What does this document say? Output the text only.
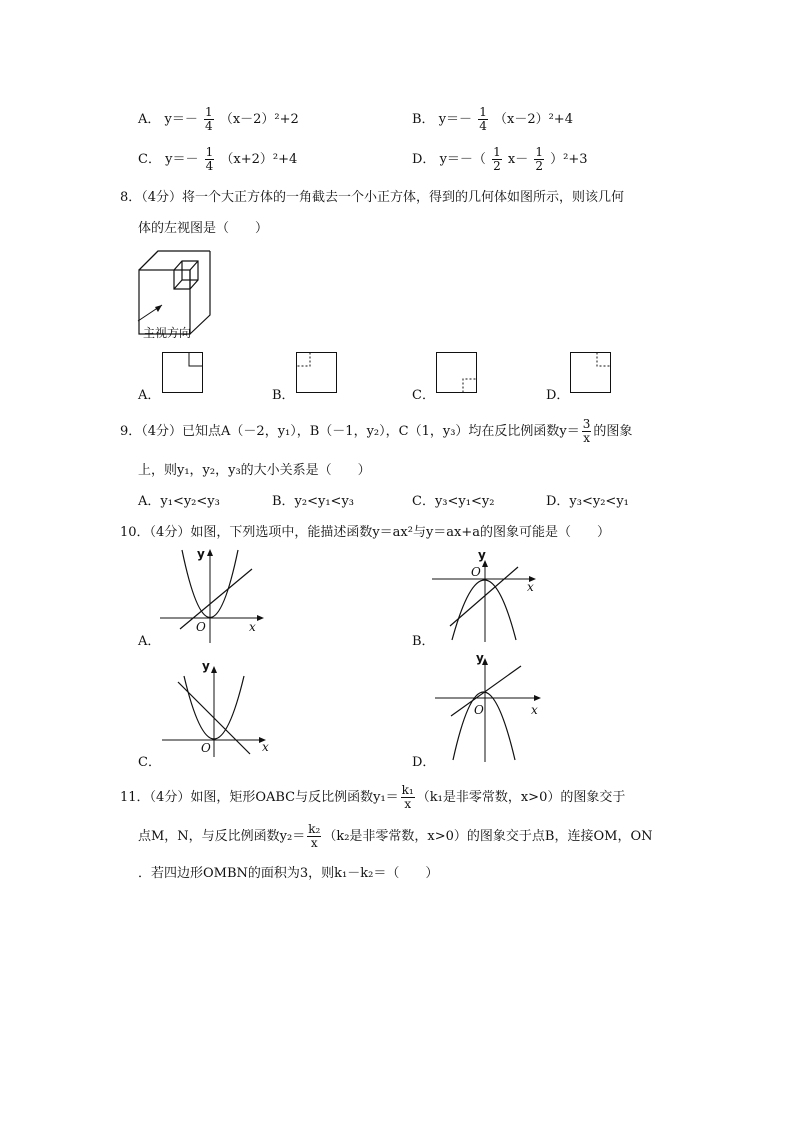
A． $y=- \frac{1}{4} (x-2)^2+2$	B． $y=- \frac{1}{4} (x-2)^2+4$
C． $y=- \frac{1}{4} (x+2)^2+4$	D． $y=-( \frac{1}{2} x- \frac{1}{2} )^2+3$
8．（4分）将一个大正方体的一角截去一个小正方体，得到的几何体如图所示，则该几何
体的左视图是（　　）
主视方向
A．	B．	C．	D．
9．（4分）已知点A（－2，y₁），B（－1，y₂），C（1，y₃）均在反比例函数$y= \frac{3}{x}$ 的图象
上，则y₁，y₂，y₃的大小关系是（　　）
A．y₁<y₂<y₃	B．y₂<y₁<y₃	C．y₃<y₁<y₂	D．y₃<y₂<y₁
10．（4分）如图，下列选项中，能描述函数y＝ax²与y＝ax+a的图象可能是（　　）
y
x
O
A．
y
x
O
B．
y
x
O
C．
y
x
O
D．
11．（4分）如图，矩形OABC与反比例函数$y_1= \frac{\text{k₁}}{x} (k_1$是非零常数，x>0）的图象交于
点M，N，与反比例函数$y_2= \frac{\text{k₂}}{x} (k_2$是非零常数，x>0）的图象交于点B，连接OM，ON
．若四边形OMBN的面积为3，则k₁－k₂＝（　　）
